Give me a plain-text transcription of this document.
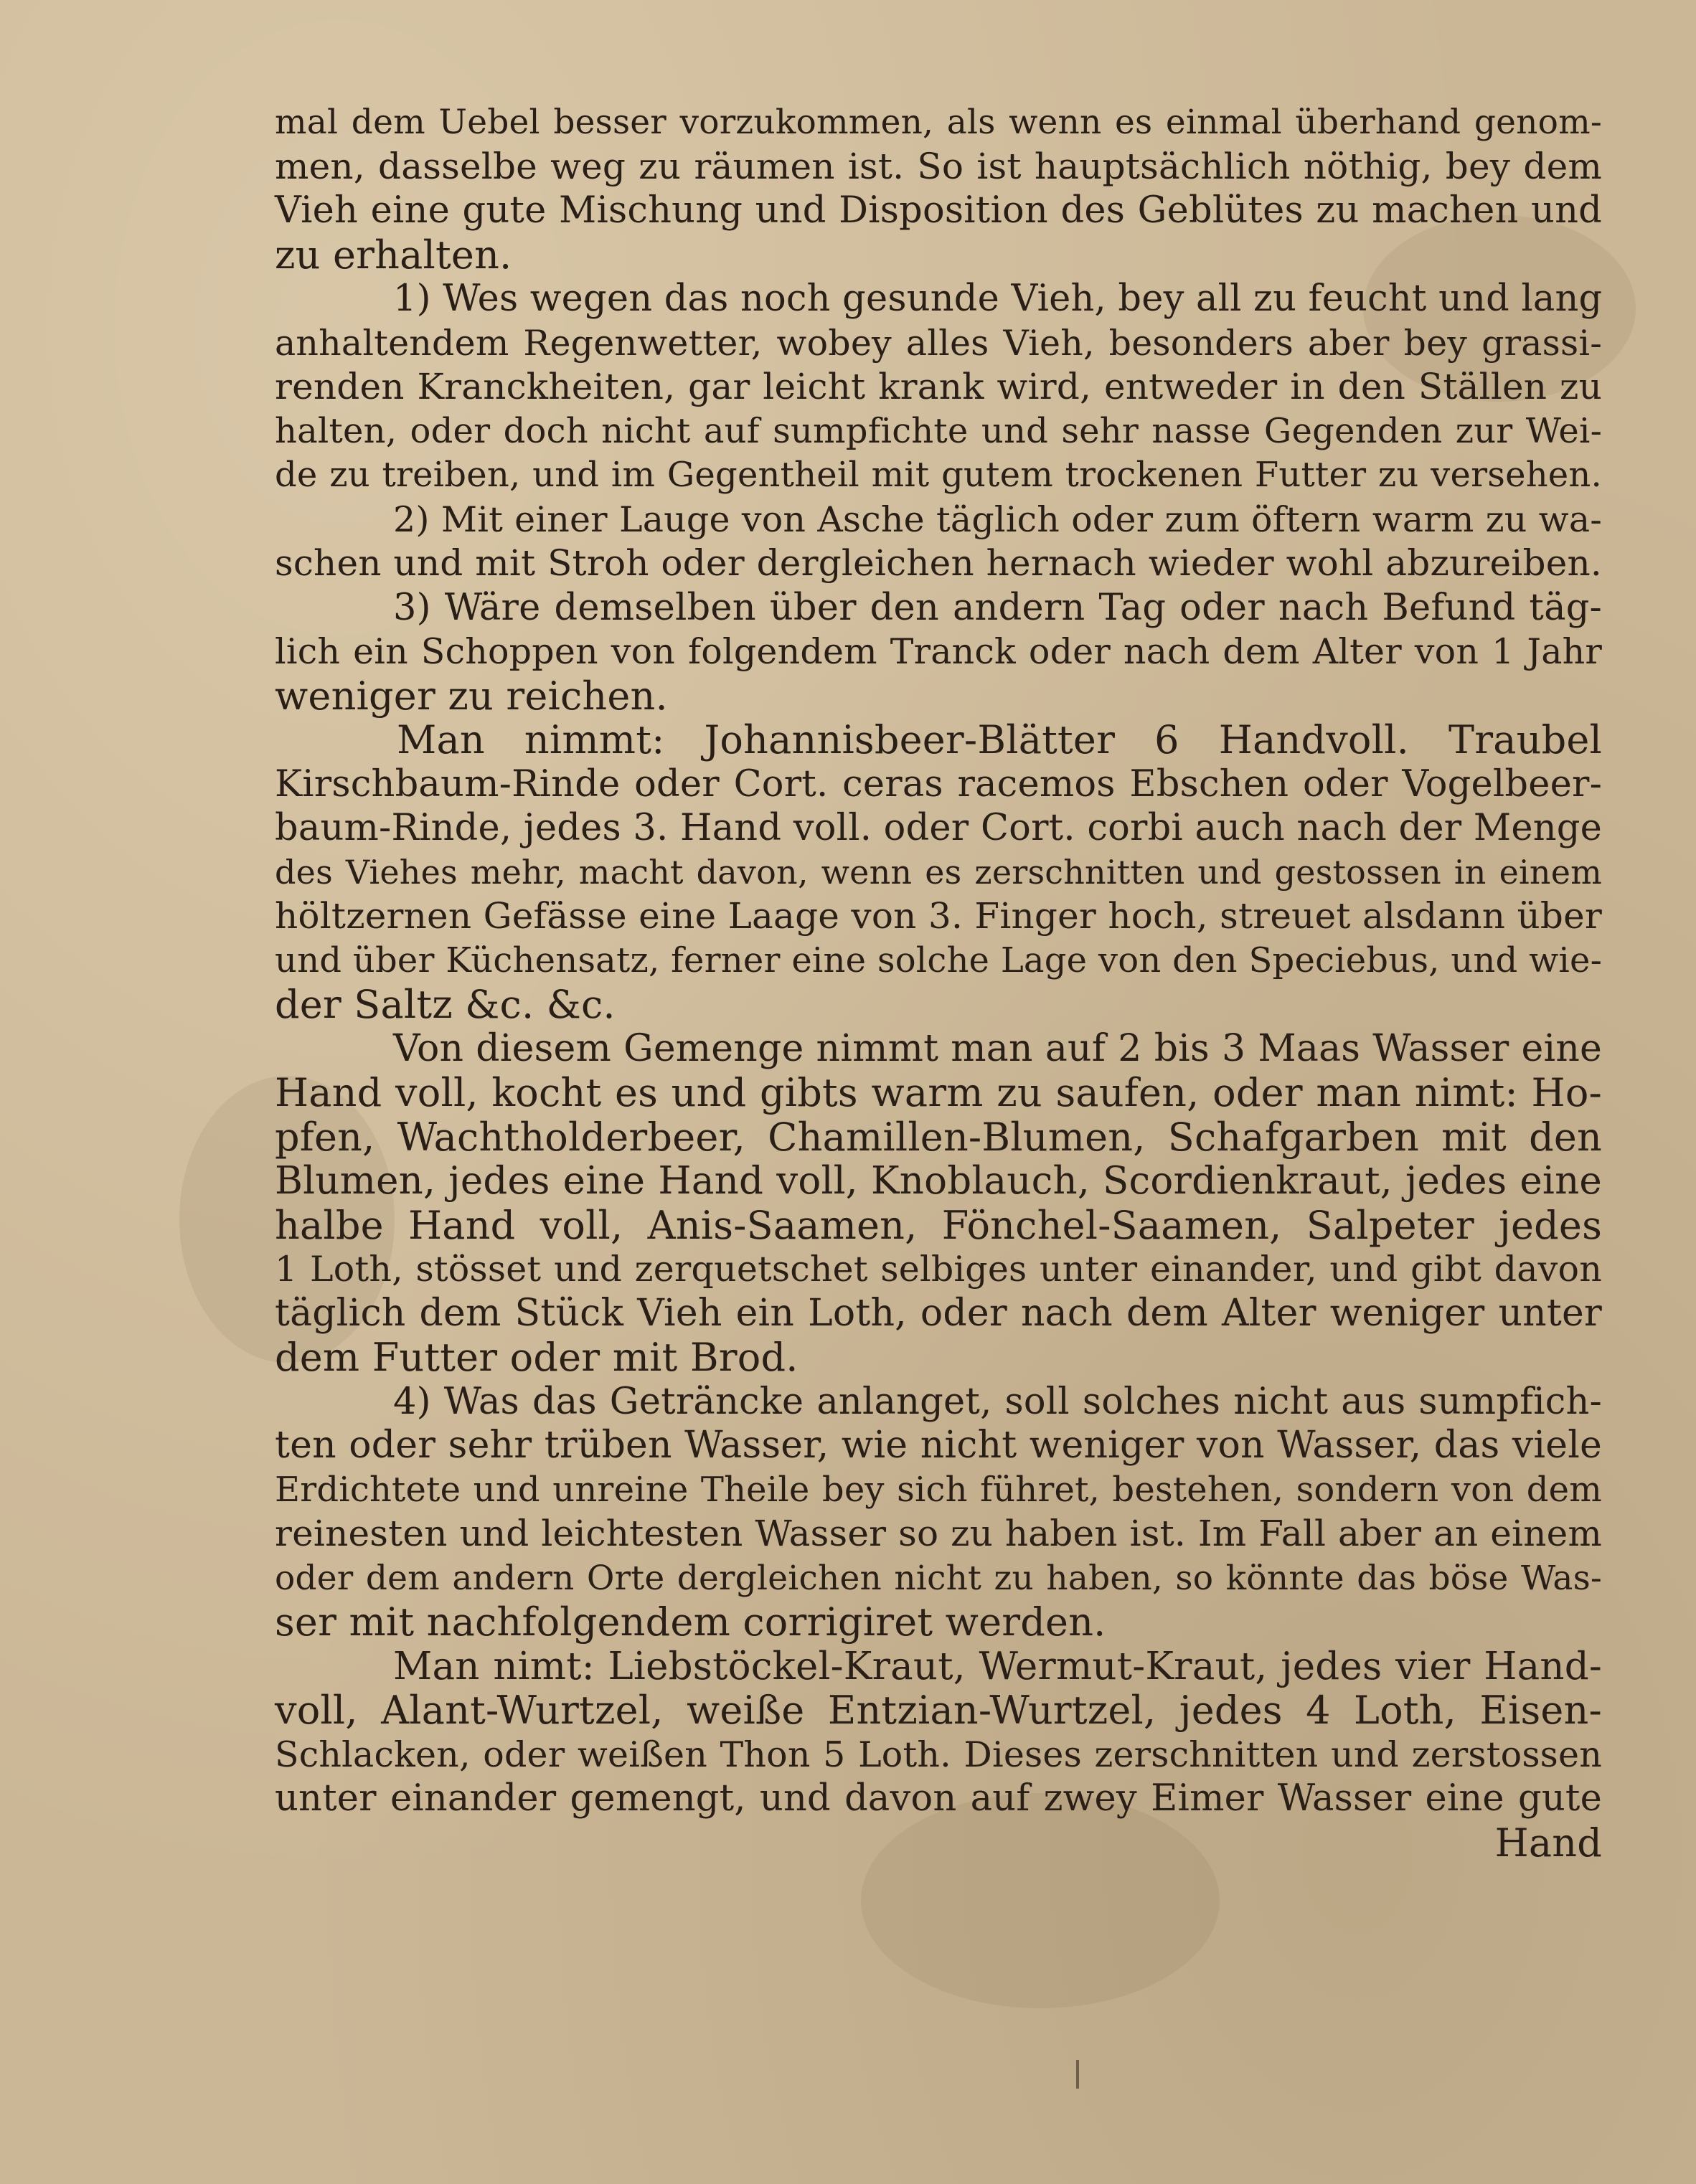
mal dem Uebel besser vorzukommen, als wenn es einmal überhand genom-
men, dasselbe weg zu räumen ist. So ist hauptsächlich nöthig, bey dem
Vieh eine gute Mischung und Disposition des Geblütes zu machen und
zu erhalten.
1) Wes wegen das noch gesunde Vieh, bey all zu feucht und lang
anhaltendem Regenwetter, wobey alles Vieh, besonders aber bey grassi-
renden Kranckheiten, gar leicht krank wird, entweder in den Ställen zu
halten, oder doch nicht auf sumpfichte und sehr nasse Gegenden zur Wei-
de zu treiben, und im Gegentheil mit gutem trockenen Futter zu versehen.
2) Mit einer Lauge von Asche täglich oder zum öftern warm zu wa-
schen und mit Stroh oder dergleichen hernach wieder wohl abzureiben.
3) Wäre demselben über den andern Tag oder nach Befund täg-
lich ein Schoppen von folgendem Tranck oder nach dem Alter von 1 Jahr
weniger zu reichen.
Man nimmt: Johannisbeer-Blätter 6 Handvoll. Traubel
Kirschbaum-Rinde oder Cort. ceras racemos Ebschen oder Vogelbeer-
baum-Rinde, jedes 3. Hand voll. oder Cort. corbi auch nach der Menge
des Viehes mehr, macht davon, wenn es zerschnitten und gestossen in einem
höltzernen Gefässe eine Laage von 3. Finger hoch, streuet alsdann über
und über Küchensatz, ferner eine solche Lage von den Speciebus, und wie-
der Saltz &c. &c.
Von diesem Gemenge nimmt man auf 2 bis 3 Maas Wasser eine
Hand voll, kocht es und gibts warm zu saufen, oder man nimt: Ho-
pfen, Wachtholderbeer, Chamillen-Blumen, Schafgarben mit den
Blumen, jedes eine Hand voll, Knoblauch, Scordienkraut, jedes eine
halbe Hand voll, Anis-Saamen, Fönchel-Saamen, Salpeter jedes
1 Loth, stösset und zerquetschet selbiges unter einander, und gibt davon
täglich dem Stück Vieh ein Loth, oder nach dem Alter weniger unter
dem Futter oder mit Brod.
4) Was das Geträncke anlanget, soll solches nicht aus sumpfich-
ten oder sehr trüben Wasser, wie nicht weniger von Wasser, das viele
Erdichtete und unreine Theile bey sich führet, bestehen, sondern von dem
reinesten und leichtesten Wasser so zu haben ist. Im Fall aber an einem
oder dem andern Orte dergleichen nicht zu haben, so könnte das böse Was-
ser mit nachfolgendem corrigiret werden.
Man nimt: Liebstöckel-Kraut, Wermut-Kraut, jedes vier Hand-
voll, Alant-Wurtzel, weiße Entzian-Wurtzel, jedes 4 Loth, Eisen-
Schlacken, oder weißen Thon 5 Loth. Dieses zerschnitten und zerstossen
unter einander gemengt, und davon auf zwey Eimer Wasser eine gute
Hand
